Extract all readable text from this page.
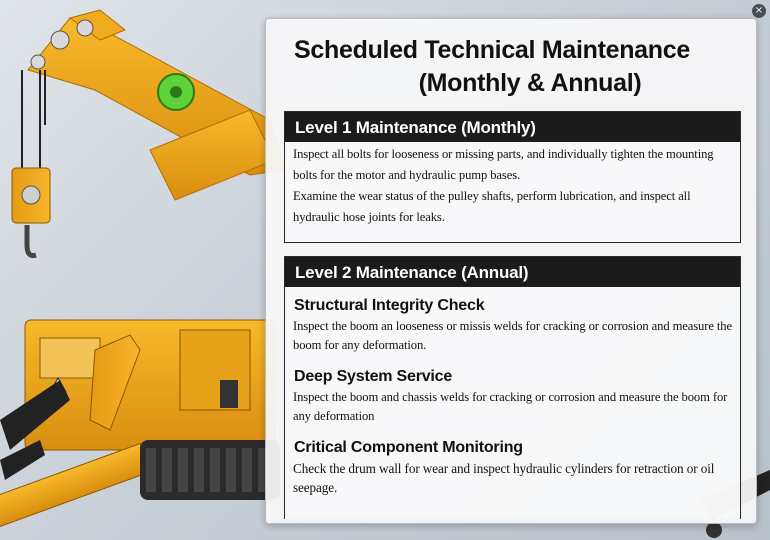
×
Scheduled Technical Maintenance
(Monthly & Annual)
Level 1 Maintenance (Monthly)

Inspect all bolts for looseness or missing parts, and individually tighten the mounting bolts for the motor and hydraulic pump bases.

Examine the wear status of the pulley shafts, perform lubrication, and inspect all hydraulic hose joints for leaks.

Level 2 Maintenance (Annual)
Structural Integrity Check

Inspect the boom an looseness or missis welds for cracking or corrosion and measure the boom for any deformation.

Deep System Service

Inspect the boom and chassis welds for cracking or corrosion and measure the boom for any deformation

Critical Component Monitoring

Check the drum wall for wear and inspect hydraulic cylinders for retraction or oil seepage.
